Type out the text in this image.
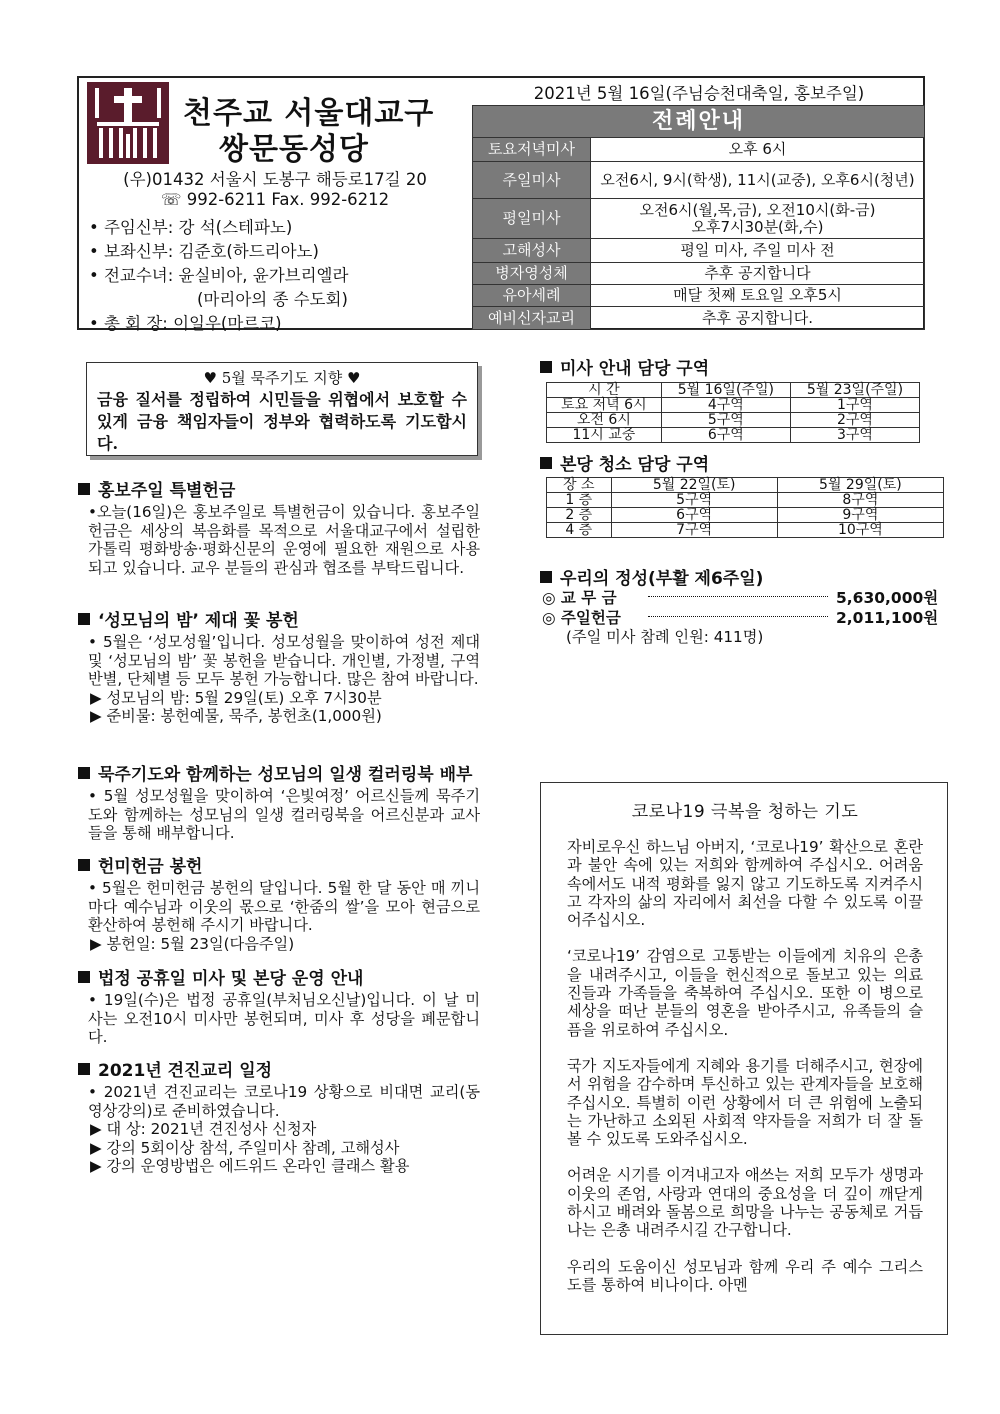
천주교 서울대교구
쌍문동성당
(우)01432 서울시 도봉구 해등로17길 20
☏ 992-6211 Fax. 992-6212
• 주임신부: 강 석(스테파노)
• 보좌신부: 김준호(하드리아노)
• 전교수녀: 윤실비아, 윤가브리엘라
(마리아의 종 수도회)
• 총 회 장: 이일우(마르코)
2021년 5월 16일(주님승천대축일, 홍보주일)
전례안내	
토요저녁미사	오후 6시
주일미사	오전6시, 9시(학생), 11시(교중), 오후6시(청년)
평일미사	오전6시(월,목,금), 오전10시(화-금)
오후7시30분(화,수)

고해성사	평일 미사, 주일 미사 전
병자영성체	추후 공지합니다
유아세례	매달 첫째 토요일 오후5시
예비신자교리	추후 공지합니다.
♥ 5월 묵주기도 지향 ♥
금융 질서를 정립하여 시민들을 위협에서 보호할 수 있게 금융 책임자들이 정부와 협력하도록 기도합시다.
홍보주일 특별헌금

•오늘(16일)은 홍보주일로 특별헌금이 있습니다. 홍보주일 헌금은 세상의 복음화를 목적으로 서울대교구에서 설립한 가톨릭 평화방송·평화신문의 운영에 필요한 재원으로 사용되고 있습니다. 교우 분들의 관심과 협조를 부탁드립니다.

‘성모님의 밤’ 제대 꽃 봉헌

• 5월은 ‘성모성월’입니다. 성모성월을 맞이하여 성전 제대 및 ‘성모님의 밤’ 꽃 봉헌을 받습니다. 개인별, 가정별, 구역반별, 단체별 등 모두 봉헌 가능합니다. 많은 참여 바랍니다.

▶ 성모님의 밤: 5월 29일(토) 오후 7시30분
▶ 준비물: 봉헌예물, 묵주, 봉헌초(1,000원)
묵주기도와 함께하는 성모님의 일생 컬러링북 배부

• 5월 성모성월을 맞이하여 ‘은빛여정’ 어르신들께 묵주기도와 함께하는 성모님의 일생 컬러링북을 어르신분과 교사들을 통해 배부합니다.

헌미헌금 봉헌

• 5월은 헌미헌금 봉헌의 달입니다. 5월 한 달 동안 매 끼니마다 예수님과 이웃의 몫으로 ‘한줌의 쌀’을 모아 현금으로 환산하여 봉헌해 주시기 바랍니다.

▶ 봉헌일: 5월 23일(다음주일)
법정 공휴일 미사 및 본당 운영 안내

• 19일(수)은 법정 공휴일(부처님오신날)입니다. 이 날 미사는 오전10시 미사만 봉헌되며, 미사 후 성당을 폐문합니다.

2021년 견진교리 일정

• 2021년 견진교리는 코로나19 상황으로 비대면 교리(동영상강의)로 준비하였습니다.

▶ 대 상: 2021년 견진성사 신청자
▶ 강의 5회이상 참석, 주일미사 참례, 고해성사
▶ 강의 운영방법은 에드위드 온라인 클래스 활용
미사 안내 담당 구역
시 간	5월 16일(주일)	5월 23일(주일)
토요 저녁 6시	4구역	1구역
오전 6시	5구역	2구역
11시 교중	6구역	3구역
본당 청소 담당 구역
장 소	5월 22일(토)	5월 29일(토)
1 층	5구역	8구역
2 층	6구역	9구역
4 층	7구역	10구역
우리의 정성(부활 제6주일)
◎ 교 무 금	5,630,000원
◎ 주일헌금	2,011,100원
(주일 미사 참례 인원: 411명)
코로나19 극복을 청하는 기도

자비로우신 하느님 아버지, ‘코로나19’ 확산으로 혼란과 불안 속에 있는 저희와 함께하여 주십시오. 어려움 속에서도 내적 평화를 잃지 않고 기도하도록 지켜주시고 각자의 삶의 자리에서 최선을 다할 수 있도록 이끌어주십시오.

‘코로나19’ 감염으로 고통받는 이들에게 치유의 은총을 내려주시고, 이들을 헌신적으로 돌보고 있는 의료진들과 가족들을 축복하여 주십시오. 또한 이 병으로 세상을 떠난 분들의 영혼을 받아주시고, 유족들의 슬픔을 위로하여 주십시오.

국가 지도자들에게 지혜와 용기를 더해주시고, 현장에서 위험을 감수하며 투신하고 있는 관계자들을 보호해주십시오. 특별히 이런 상황에서 더 큰 위험에 노출되는 가난하고 소외된 사회적 약자들을 저희가 더 잘 돌볼 수 있도록 도와주십시오.

어려운 시기를 이겨내고자 애쓰는 저희 모두가 생명과 이웃의 존엄, 사랑과 연대의 중요성을 더 깊이 깨닫게 하시고 배려와 돌봄으로 희망을 나누는 공동체로 거듭나는 은총 내려주시길 간구합니다.

우리의 도움이신 성모님과 함께 우리 주 예수 그리스도를 통하여 비나이다. 아멘
